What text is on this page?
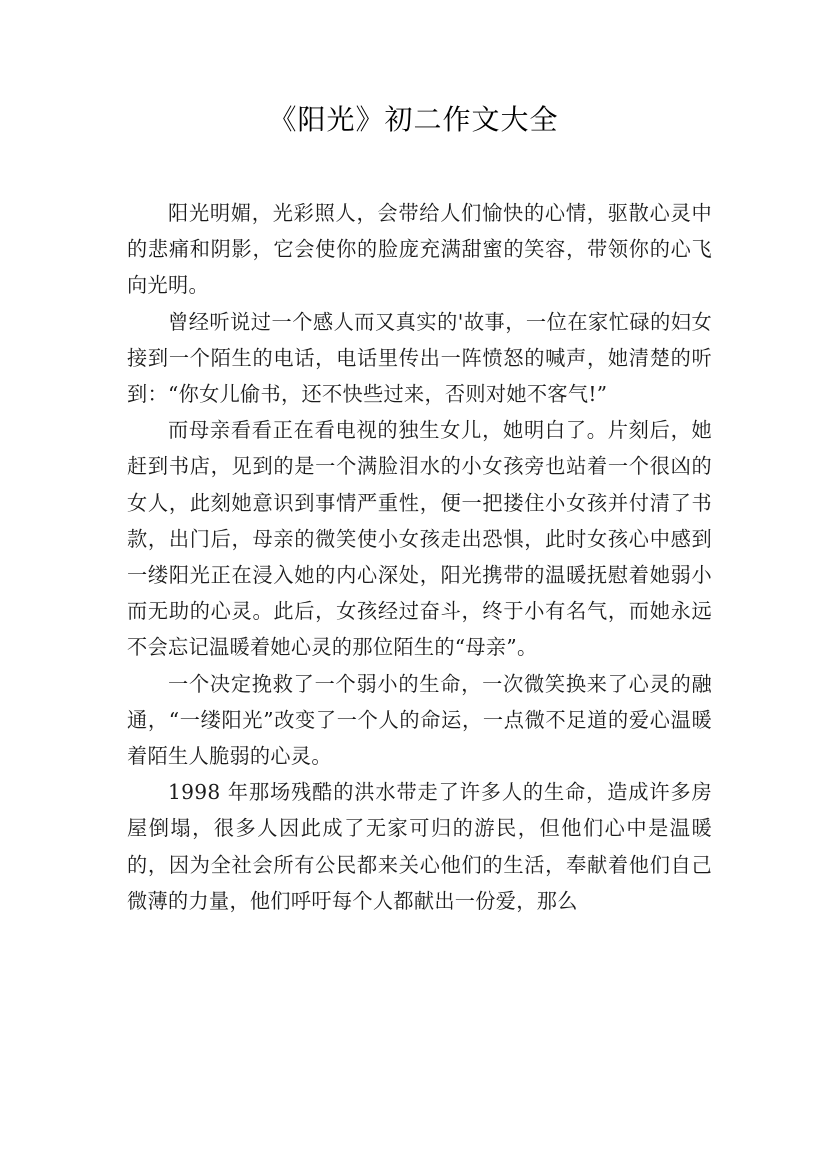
《阳光》初二作文大全

阳光明媚，光彩照人，会带给人们愉快的心情，驱散心灵中的悲痛和阴影，它会使你的脸庞充满甜蜜的笑容，带领你的心飞向光明。

曾经听说过一个感人而又真实的'故事，一位在家忙碌的妇女接到一个陌生的电话，电话里传出一阵愤怒的喊声，她清楚的听到：“你女儿偷书，还不快些过来，否则对她不客气!”

而母亲看看正在看电视的独生女儿，她明白了。片刻后，她赶到书店，见到的是一个满脸泪水的小女孩旁也站着一个很凶的女人，此刻她意识到事情严重性，便一把搂住小女孩并付清了书款，出门后，母亲的微笑使小女孩走出恐惧，此时女孩心中感到一缕阳光正在浸入她的内心深处，阳光携带的温暖抚慰着她弱小而无助的心灵。此后，女孩经过奋斗，终于小有名气，而她永远不会忘记温暖着她心灵的那位陌生的“母亲”。

一个决定挽救了一个弱小的生命，一次微笑换来了心灵的融通，“一缕阳光”改变了一个人的命运，一点微不足道的爱心温暖着陌生人脆弱的心灵。

1998 年那场残酷的洪水带走了许多人的生命，造成许多房屋倒塌，很多人因此成了无家可归的游民，但他们心中是温暖的，因为全社会所有公民都来关心他们的生活，奉献着他们自己微薄的力量，他们呼吁每个人都献出一份爱，那么
